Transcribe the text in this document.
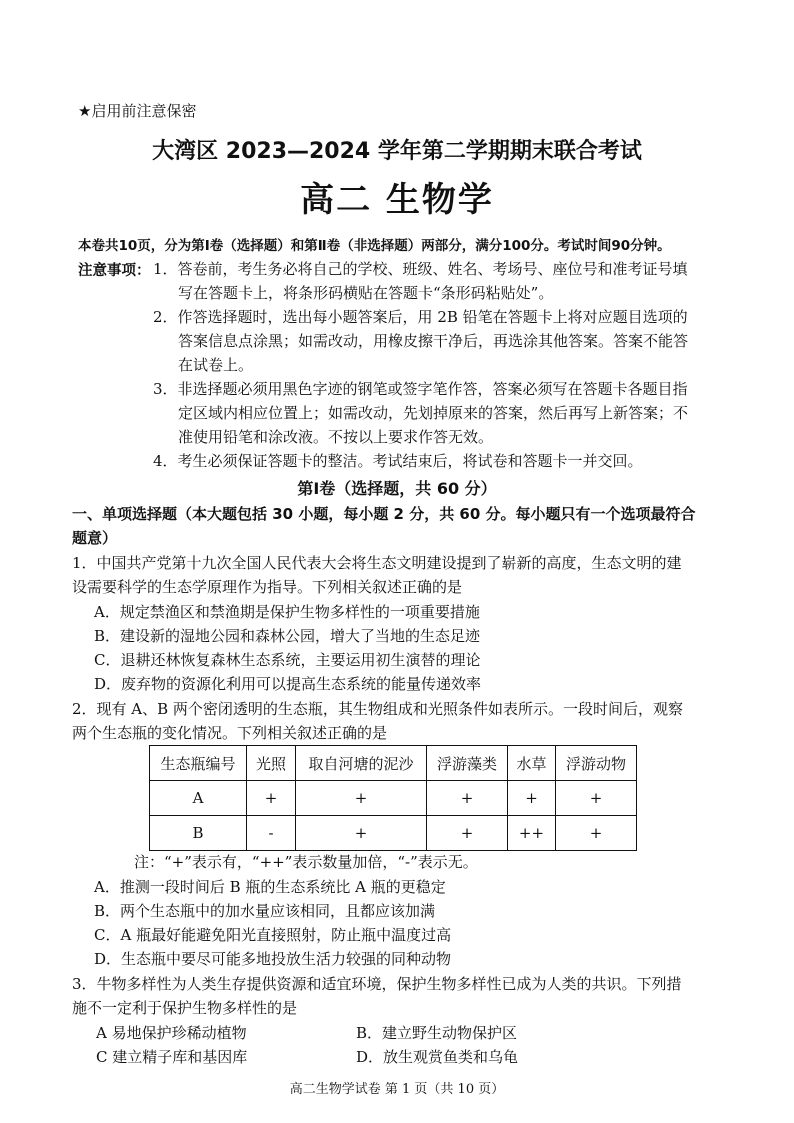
★启用前注意保密
大湾区 2023—2024 学年第二学期期末联合考试
高二 生物学
本卷共10页，分为第Ⅰ卷（选择题）和第Ⅱ卷（非选择题）两部分，满分100分。考试时间90分钟。
注意事项： 1．答卷前，考生务必将自己的学校、班级、姓名、考场号、座位号和准考证号填
写在答题卡上，将条形码横贴在答题卡“条形码粘贴处”。
2．作答选择题时，选出每小题答案后，用 2B 铅笔在答题卡上将对应题目选项的
答案信息点涂黑；如需改动，用橡皮擦干净后，再选涂其他答案。答案不能答
在试卷上。
3．非选择题必须用黑色字迹的钢笔或签字笔作答，答案必须写在答题卡各题目指
定区域内相应位置上；如需改动，先划掉原来的答案，然后再写上新答案；不
准使用铅笔和涂改液。不按以上要求作答无效。
4．考生必须保证答题卡的整洁。考试结束后，将试卷和答题卡一并交回。
第Ⅰ卷（选择题，共 60 分）
一、单项选择题（本大题包括 30 小题，每小题 2 分，共 60 分。每小题只有一个选项最符合
题意）
1．中国共产党第十九次全国人民代表大会将生态文明建设提到了崭新的高度，生态文明的建
设需要科学的生态学原理作为指导。下列相关叙述正确的是
A．规定禁渔区和禁渔期是保护生物多样性的一项重要措施
B．建设新的湿地公园和森林公园，增大了当地的生态足迹
C．退耕还林恢复森林生态系统，主要运用初生演替的理论
D．废弃物的资源化利用可以提高生态系统的能量传递效率
2．现有 A、B 两个密闭透明的生态瓶，其生物组成和光照条件如表所示。一段时间后，观察
两个生态瓶的变化情况。下列相关叙述正确的是
生态瓶编号	光照	取自河塘的泥沙	浮游藻类	水草	浮游动物
A	+	+	+	+	+
B	-	+	+	++	+
注：“+”表示有，“++”表示数量加倍，“-”表示无。
A．推测一段时间后 B 瓶的生态系统比 A 瓶的更稳定
B．两个生态瓶中的加水量应该相同，且都应该加满
C．A 瓶最好能避免阳光直接照射，防止瓶中温度过高
D．生态瓶中要尽可能多地投放生活力较强的同种动物
3．牛物多样性为人类生存提供资源和适宜环境，保护生物多样性已成为人类的共识。下列措
施不一定利于保护生物多样性的是
A 易地保护珍稀动植物	B．建立野生动物保护区
C 建立精子库和基因库	D．放生观赏鱼类和乌龟
高二生物学试卷 第 1 页（共 10 页）
